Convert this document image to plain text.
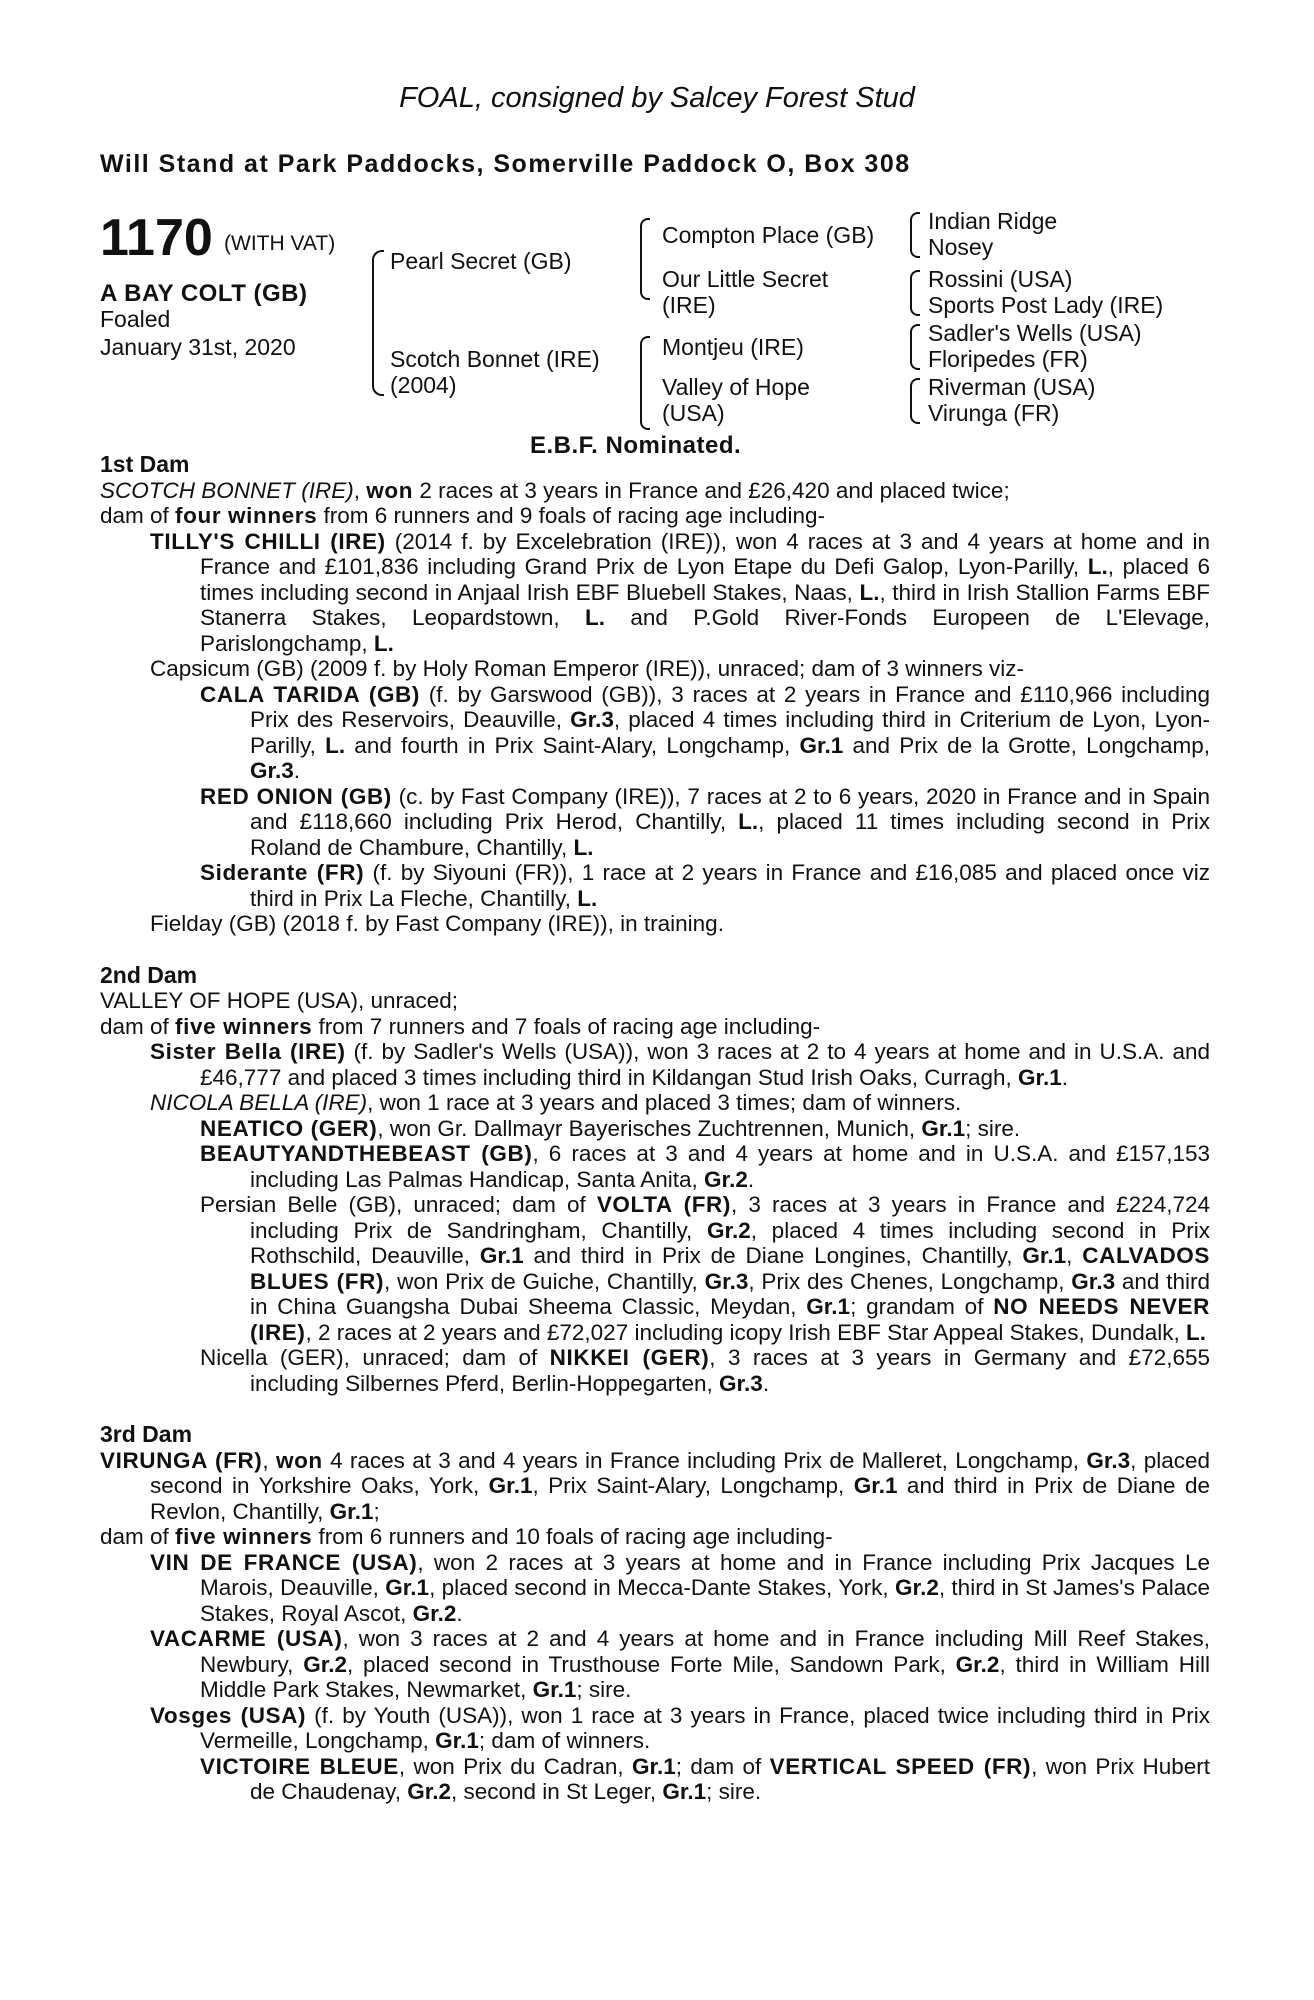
FOAL, consigned by Salcey Forest Stud
Will Stand at Park Paddocks, Somerville Paddock O, Box 308
1170 (WITH VAT)
A BAY COLT (GB)
Foaled
January 31st, 2020
Pearl Secret (GB)
Scotch Bonnet (IRE)
(2004)
Compton Place (GB)
Our Little Secret
(IRE)
Montjeu (IRE)
Valley of Hope
(USA)
Indian Ridge
Nosey
Rossini (USA)
Sports Post Lady (IRE)
Sadler's Wells (USA)
Floripedes (FR)
Riverman (USA)
Virunga (FR)
E.B.F. Nominated.
1st Dam
SCOTCH BONNET (IRE), won 2 races at 3 years in France and £26,420 and placed twice;
dam of four winners from 6 runners and 9 foals of racing age including-
TILLY'S CHILLI (IRE) (2014 f. by Excelebration (IRE)), won 4 races at 3 and 4 years at home and in France and £101,836 including Grand Prix de Lyon Etape du Defi Galop, Lyon-Parilly, L., placed 6 times including second in Anjaal Irish EBF Bluebell Stakes, Naas, L., third in Irish Stallion Farms EBF Stanerra Stakes, Leopardstown, L. and P.Gold River-Fonds Europeen de L'Elevage, Parislongchamp, L.
Capsicum (GB) (2009 f. by Holy Roman Emperor (IRE)), unraced; dam of 3 winners viz-
CALA TARIDA (GB) (f. by Garswood (GB)), 3 races at 2 years in France and £110,966 including Prix des Reservoirs, Deauville, Gr.3, placed 4 times including third in Criterium de Lyon, Lyon-Parilly, L. and fourth in Prix Saint-Alary, Longchamp, Gr.1 and Prix de la Grotte, Longchamp, Gr.3.
RED ONION (GB) (c. by Fast Company (IRE)), 7 races at 2 to 6 years, 2020 in France and in Spain and £118,660 including Prix Herod, Chantilly, L., placed 11 times including second in Prix Roland de Chambure, Chantilly, L.
Siderante (FR) (f. by Siyouni (FR)), 1 race at 2 years in France and £16,085 and placed once viz third in Prix La Fleche, Chantilly, L.
Fielday (GB) (2018 f. by Fast Company (IRE)), in training.
2nd Dam
VALLEY OF HOPE (USA), unraced;
dam of five winners from 7 runners and 7 foals of racing age including-
Sister Bella (IRE) (f. by Sadler's Wells (USA)), won 3 races at 2 to 4 years at home and in U.S.A. and £46,777 and placed 3 times including third in Kildangan Stud Irish Oaks, Curragh, Gr.1.
NICOLA BELLA (IRE), won 1 race at 3 years and placed 3 times; dam of winners.
NEATICO (GER), won Gr. Dallmayr Bayerisches Zuchtrennen, Munich, Gr.1; sire.
BEAUTYANDTHEBEAST (GB), 6 races at 3 and 4 years at home and in U.S.A. and £157,153 including Las Palmas Handicap, Santa Anita, Gr.2.
Persian Belle (GB), unraced; dam of VOLTA (FR), 3 races at 3 years in France and £224,724 including Prix de Sandringham, Chantilly, Gr.2, placed 4 times including second in Prix Rothschild, Deauville, Gr.1 and third in Prix de Diane Longines, Chantilly, Gr.1, CALVADOS BLUES (FR), won Prix de Guiche, Chantilly, Gr.3, Prix des Chenes, Longchamp, Gr.3 and third in China Guangsha Dubai Sheema Classic, Meydan, Gr.1; grandam of NO NEEDS NEVER (IRE), 2 races at 2 years and £72,027 including icopy Irish EBF Star Appeal Stakes, Dundalk, L.
Nicella (GER), unraced; dam of NIKKEI (GER), 3 races at 3 years in Germany and £72,655 including Silbernes Pferd, Berlin-Hoppegarten, Gr.3.
3rd Dam
VIRUNGA (FR), won 4 races at 3 and 4 years in France including Prix de Malleret, Longchamp, Gr.3, placed second in Yorkshire Oaks, York, Gr.1, Prix Saint-Alary, Longchamp, Gr.1 and third in Prix de Diane de Revlon, Chantilly, Gr.1;
dam of five winners from 6 runners and 10 foals of racing age including-
VIN DE FRANCE (USA), won 2 races at 3 years at home and in France including Prix Jacques Le Marois, Deauville, Gr.1, placed second in Mecca-Dante Stakes, York, Gr.2, third in St James's Palace Stakes, Royal Ascot, Gr.2.
VACARME (USA), won 3 races at 2 and 4 years at home and in France including Mill Reef Stakes, Newbury, Gr.2, placed second in Trusthouse Forte Mile, Sandown Park, Gr.2, third in William Hill Middle Park Stakes, Newmarket, Gr.1; sire.
Vosges (USA) (f. by Youth (USA)), won 1 race at 3 years in France, placed twice including third in Prix Vermeille, Longchamp, Gr.1; dam of winners.
VICTOIRE BLEUE, won Prix du Cadran, Gr.1; dam of VERTICAL SPEED (FR), won Prix Hubert de Chaudenay, Gr.2, second in St Leger, Gr.1; sire.
